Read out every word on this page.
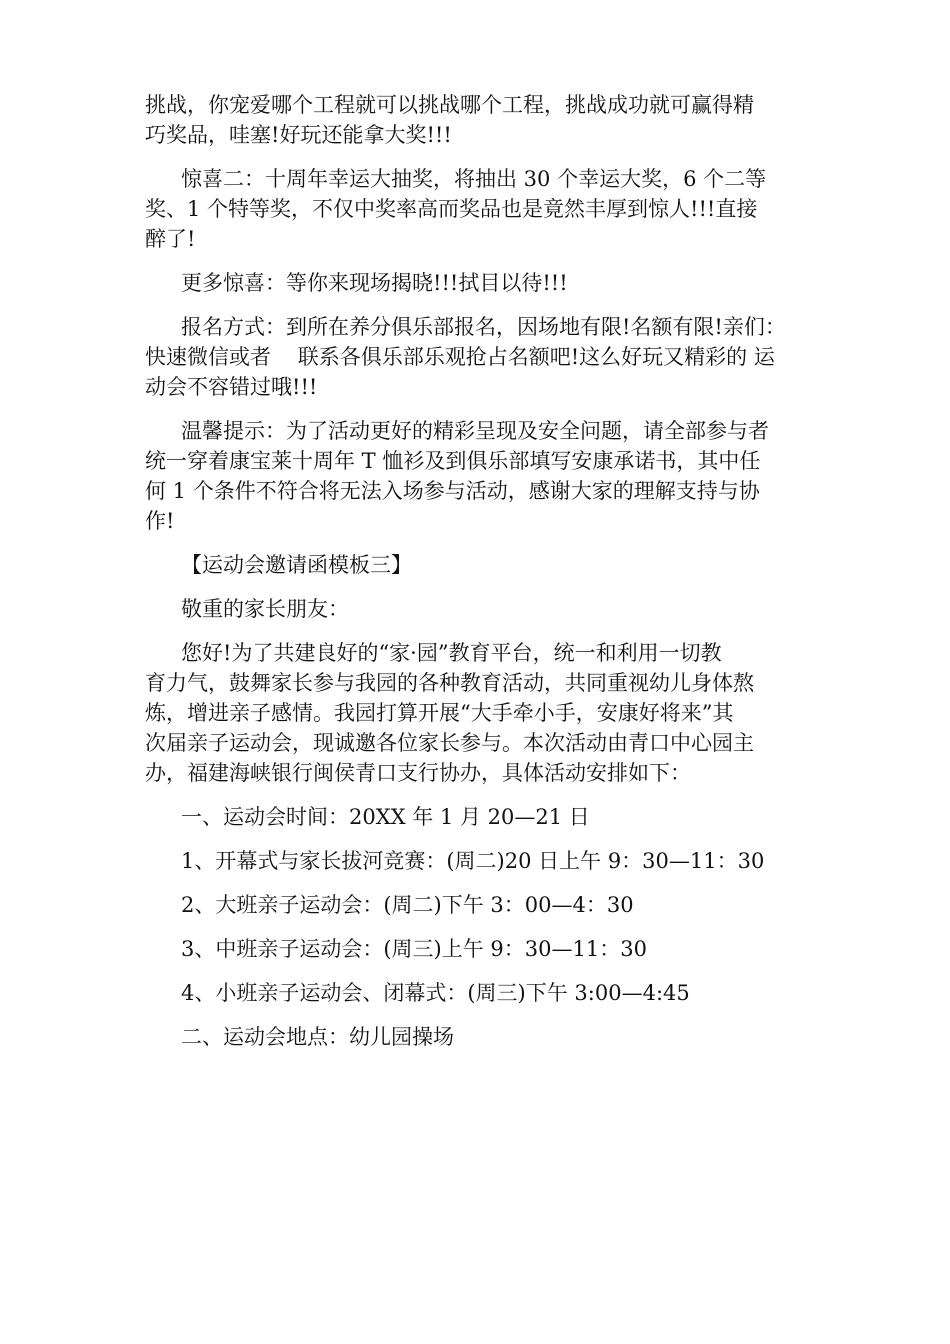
挑战，你宠爱哪个工程就可以挑战哪个工程，挑战成功就可赢得精
巧奖品，哇塞!好玩还能拿大奖!!!
惊喜二：十周年幸运大抽奖，将抽出 30 个幸运大奖，6 个二等
奖、1 个特等奖，不仅中奖率高而奖品也是竟然丰厚到惊人!!!直接
醉了!
更多惊喜：等你来现场揭晓!!!拭目以待!!!
报名方式：到所在养分俱乐部报名，因场地有限!名额有限!亲们：
快速微信或者    联系各俱乐部乐观抢占名额吧!这么好玩又精彩的 运
动会不容错过哦!!!
温馨提示：为了活动更好的精彩呈现及安全问题，请全部参与者
统一穿着康宝莱十周年 T 恤衫及到俱乐部填写安康承诺书，其中任
何 1 个条件不符合将无法入场参与活动，感谢大家的理解支持与协
作!
【运动会邀请函模板三】
敬重的家长朋友：
您好!为了共建良好的“家·园”教育平台，统一和利用一切教
育力气，鼓舞家长参与我园的各种教育活动，共同重视幼儿身体熬
炼，增进亲子感情。我园打算开展“大手牵小手，安康好将来”其
次届亲子运动会，现诚邀各位家长参与。本次活动由青口中心园主
办，福建海峡银行闽侯青口支行协办，具体活动安排如下：
一、运动会时间：20XX 年 1 月 20—21 日
1、开幕式与家长拔河竞赛：(周二)20 日上午 9：30—11：30
2、大班亲子运动会：(周二)下午 3：00—4：30
3、中班亲子运动会：(周三)上午 9：30—11：30
4、小班亲子运动会、闭幕式：(周三)下午 3:00—4:45
二、运动会地点：幼儿园操场
